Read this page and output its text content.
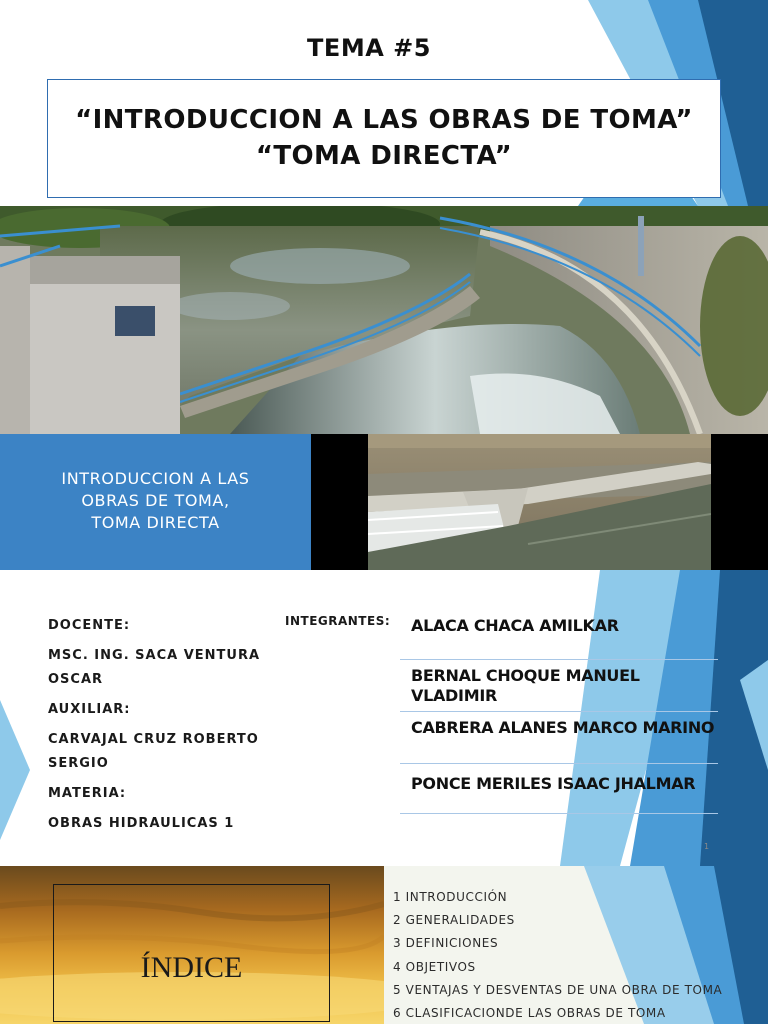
TEMA #5
“INTRODUCCION A LAS OBRAS DE TOMA”
“TOMA DIRECTA”
INTRODUCCION A LAS
OBRAS DE TOMA,
TOMA DIRECTA
DOCENTE:
MSC. ING. SACA VENTURA OSCAR
AUXILIAR:
CARVAJAL CRUZ ROBERTO SERGIO
MATERIA:
OBRAS HIDRAULICAS 1
INTEGRANTES:	ALACA CHACA AMILKAR
BERNAL CHOQUE MANUEL VLADIMIR
CABRERA ALANES MARCO MARINO
PONCE MERILES ISAAC JHALMAR
1
ÍNDICE
1 INTRODUCCIÓN
2 GENERALIDADES
3 DEFINICIONES
4 OBJETIVOS
5 VENTAJAS Y DESVENTAS DE UNA OBRA DE TOMA
6 CLASIFICACIONDE LAS OBRAS DE TOMA
